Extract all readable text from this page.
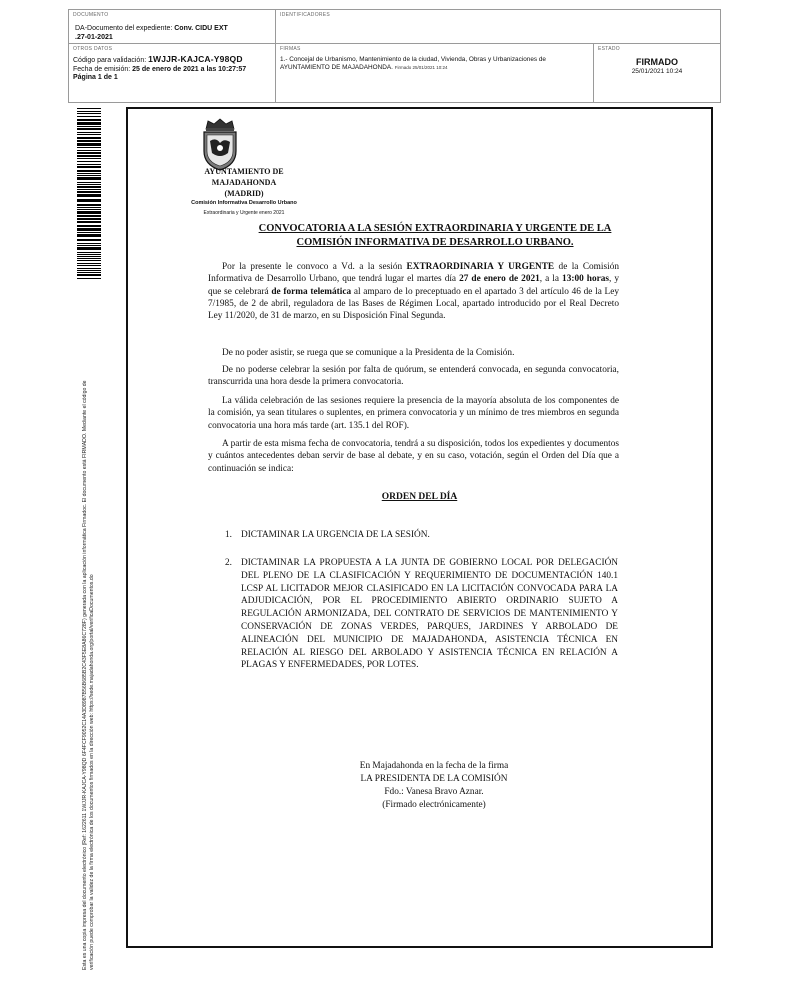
DOCUMENTO
DA-Documento del expediente: Conv. CIDU EXT
.27-01-2021
IDENTIFICADORES
OTROS DATOS
Código para validación: 1WJJR-KAJCA-Y98QD
Fecha de emisión: 25 de enero de 2021 a las 10:27:57
Página 1 de 1
FIRMAS
1.- Concejal de Urbanismo, Mantenimiento de la ciudad, Vivienda, Obras y Urbanizaciones de AYUNTAMIENTO DE MAJADAHONDA. Firmado 25/01/2021 10:24
ESTADO
FIRMADO
25/01/2021 10:24
Esta es una copia impresa del documento electrónico (Ref: 1622611 1WJJR-KAJCA-Y98QD 6F4FCF9052C14A3D8987B56B685B2C43F5E8A86C728F) generada con la aplicación informática Firmadoc. El documento está FIRMADO. Mediante el código de verificación puede comprobar la validez de la firma electrónica de los documentos firmados en la dirección web: https://sede.majadahonda.org/portal/verificaDocumentos.do
AYUNTAMIENTO DE
MAJADAHONDA
(MADRID)
Comisión Informativa Desarrollo Urbano
Extraordinaria y Urgente enero 2021
CONVOCATORIA A LA SESIÓN EXTRAORDINARIA Y URGENTE DE LA
COMISIÓN INFORMATIVA DE DESARROLLO URBANO.
Por la presente le convoco a Vd. a la sesión EXTRAORDINARIA Y URGENTE de la Comisión Informativa de Desarrollo Urbano, que tendrá lugar el martes día 27 de enero de 2021, a la 13:00 horas, y que se celebrará de forma telemática al amparo de lo preceptuado en el apartado 3 del artículo 46 de la Ley 7/1985, de 2 de abril, reguladora de las Bases de Régimen Local, apartado introducido por el Real Decreto Ley 11/2020, de 31 de marzo, en su Disposición Final Segunda.
De no poder asistir, se ruega que se comunique a la Presidenta de la Comisión.
De no poderse celebrar la sesión por falta de quórum, se entenderá convocada, en segunda convocatoria, transcurrida una hora desde la primera convocatoria.
La válida celebración de las sesiones requiere la presencia de la mayoría absoluta de los componentes de la comisión, ya sean titulares o suplentes, en primera convocatoria y un mínimo de tres miembros en segunda convocatoria una hora más tarde (art. 135.1 del ROF).
A partir de esta misma fecha de convocatoria, tendrá a su disposición, todos los expedientes y documentos y cuántos antecedentes deban servir de base al debate, y en su caso, votación, según el Orden del Día que a continuación se indica:
ORDEN DEL DÍA
1. DICTAMINAR LA URGENCIA DE LA SESIÓN.
2. DICTAMINAR LA PROPUESTA A LA JUNTA DE GOBIERNO LOCAL POR DELEGACIÓN DEL PLENO DE LA CLASIFICACIÓN Y REQUERIMIENTO DE DOCUMENTACIÓN 140.1 LCSP AL LICITADOR MEJOR CLASIFICADO EN LA LICITACIÓN CONVOCADA PARA LA ADJUDICACIÓN, POR EL PROCEDIMIENTO ABIERTO ORDINARIO SUJETO A REGULACIÓN ARMONIZADA, DEL CONTRATO DE SERVICIOS DE MANTENIMIENTO Y CONSERVACIÓN DE ZONAS VERDES, PARQUES, JARDINES Y ARBOLADO DE ALINEACIÓN DEL MUNICIPIO DE MAJADAHONDA, ASISTENCIA TÉCNICA EN RELACIÓN AL RIESGO DEL ARBOLADO Y ASISTENCIA TÉCNICA EN RELACIÓN A PLAGAS Y ENFERMEDADES, POR LOTES.
En Majadahonda en la fecha de la firma
LA PRESIDENTA DE LA COMISIÓN
Fdo.: Vanesa Bravo Aznar.
(Firmado electrónicamente)
